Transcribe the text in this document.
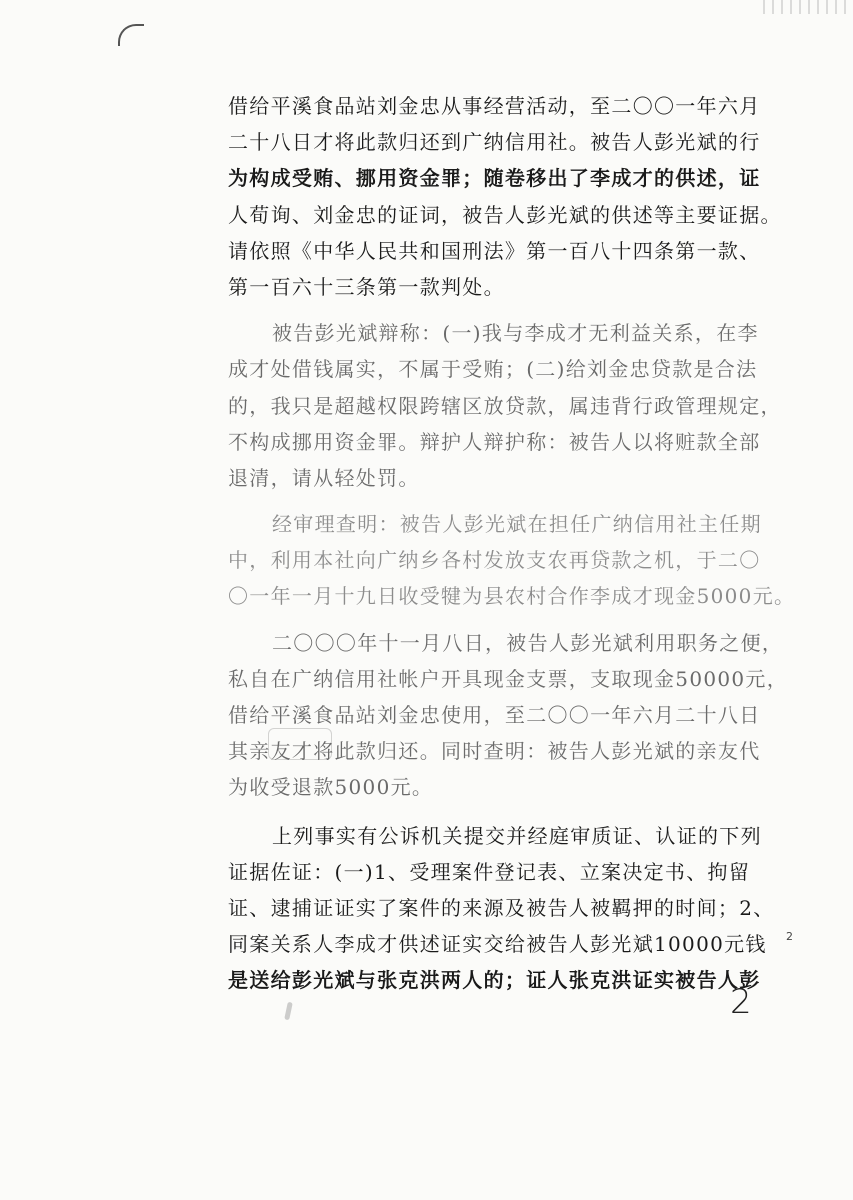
借给平溪食品站刘金忠从事经营活动，至二〇〇一年六月
二十八日才将此款归还到广纳信用社。被告人彭光斌的行
为构成受贿、挪用资金罪；随卷移出了李成才的供述，证
人荀询、刘金忠的证词，被告人彭光斌的供述等主要证据。
请依照《中华人民共和国刑法》第一百八十四条第一款、
第一百六十三条第一款判处。
被告彭光斌辩称：(一)我与李成才无利益关系，在李
成才处借钱属实，不属于受贿；(二)给刘金忠贷款是合法
的，我只是超越权限跨辖区放贷款，属违背行政管理规定，
不构成挪用资金罪。辩护人辩护称：被告人以将赃款全部
退清，请从轻处罚。
经审理查明：被告人彭光斌在担任广纳信用社主任期
中，利用本社向广纳乡各村发放支农再贷款之机，于二〇
〇一年一月十九日收受犍为县农村合作李成才现金5000元。
二〇〇〇年十一月八日，被告人彭光斌利用职务之便，
私自在广纳信用社帐户开具现金支票，支取现金50000元，
借给平溪食品站刘金忠使用，至二〇〇一年六月二十八日
其亲友才将此款归还。同时查明：被告人彭光斌的亲友代
为收受退款5000元。
上列事实有公诉机关提交并经庭审质证、认证的下列
证据佐证：(一)1、受理案件登记表、立案决定书、拘留
证、逮捕证证实了案件的来源及被告人被羁押的时间；2、
同案关系人李成才供述证实交给被告人彭光斌10000元钱
是送给彭光斌与张克洪两人的；证人张克洪证实被告人彭
2
2
